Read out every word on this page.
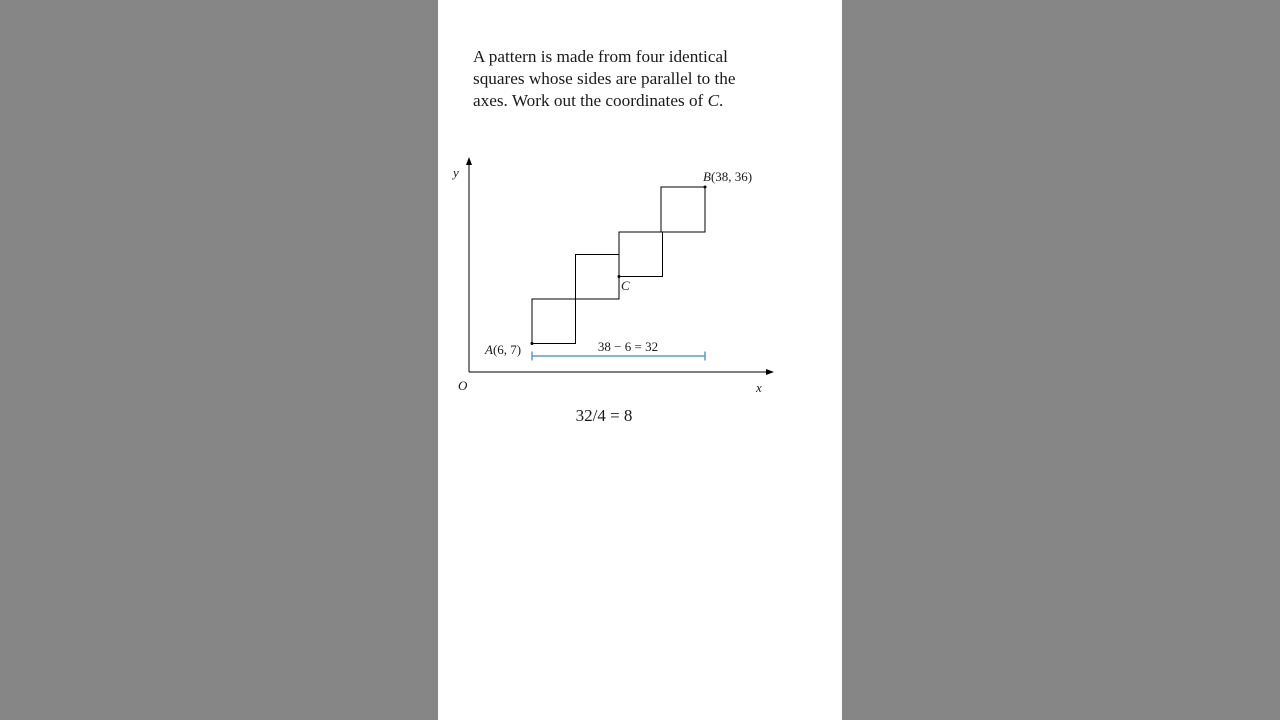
A pattern is made from four identical squares whose sides are parallel to the axes. Work out the coordinates of C.
y
x
O
A(6, 7)
B(38, 36)
C
38 − 6 = 32
32/4 = 8
